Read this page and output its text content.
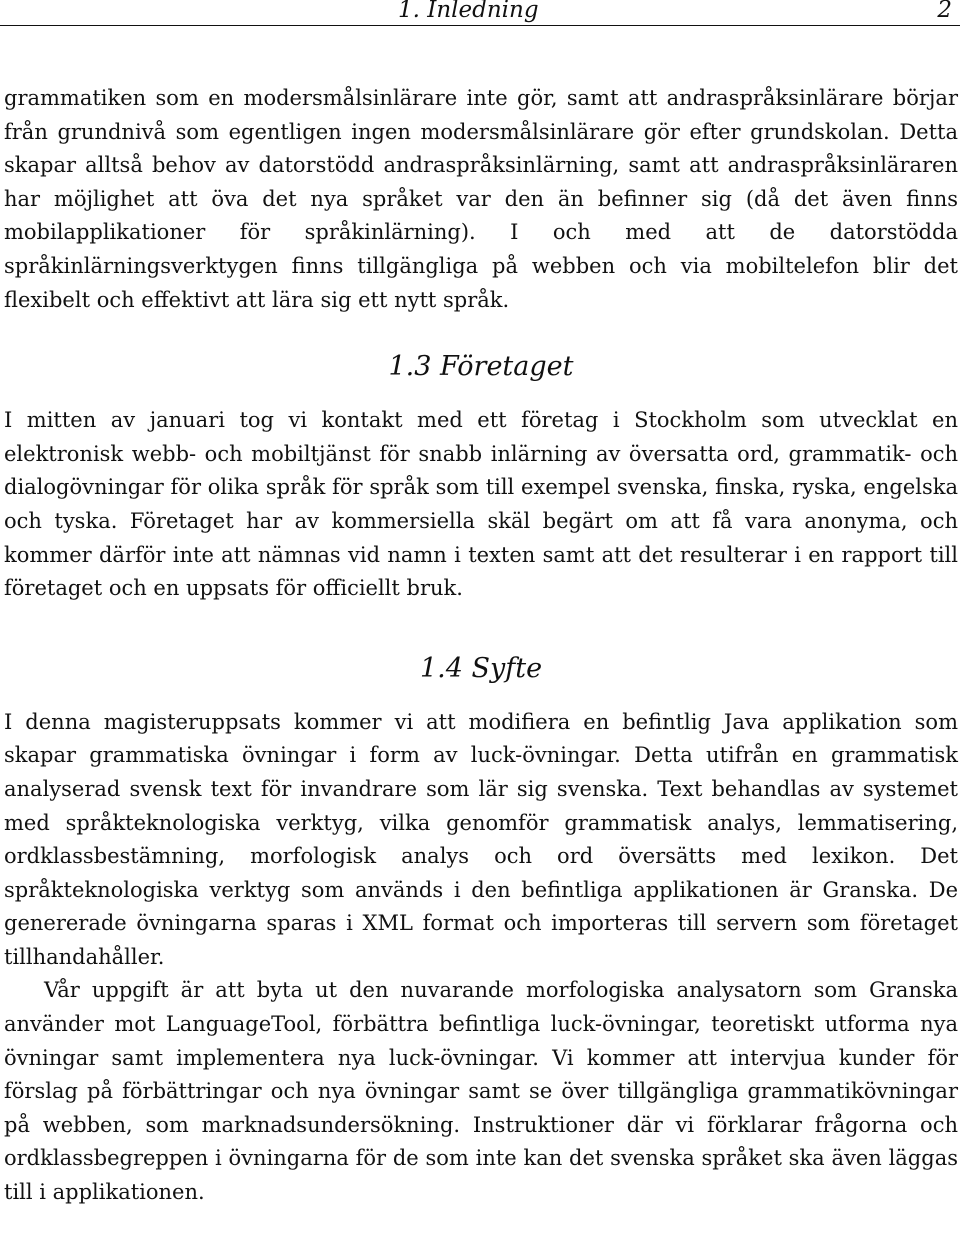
1. Inledning	2

grammatiken som en modersmålsinlärare inte gör, samt att andraspråksinlärare börjar från grundnivå som egentligen ingen modersmålsinlärare gör efter grundskolan. Detta skapar alltså behov av datorstödd andraspråksinlärning, samt att andraspråksinläraren har möjlighet att öva det nya språket var den än befinner sig (då det även finns mobilapplikationer för språkinlärning). I och med att de datorstödda språkinlärningsverktygen finns tillgängliga på webben och via mobiltelefon blir det flexibelt och effektivt att lära sig ett nytt språk.

1.3 Företaget

I mitten av januari tog vi kontakt med ett företag i Stockholm som utvecklat en elektronisk webb- och mobiltjänst för snabb inlärning av översatta ord, grammatik- och dialogövningar för olika språk för språk som till exempel svenska, finska, ryska, engelska och tyska. Företaget har av kommersiella skäl begärt om att få vara anonyma, och kommer därför inte att nämnas vid namn i texten samt att det resulterar i en rapport till företaget och en uppsats för officiellt bruk.

1.4 Syfte

I denna magisteruppsats kommer vi att modifiera en befintlig Java applikation som skapar grammatiska övningar i form av luck-övningar. Detta utifrån en grammatisk analyserad svensk text för invandrare som lär sig svenska. Text behandlas av systemet med språkteknologiska verktyg, vilka genomför grammatisk analys, lemmatisering, ordklassbestämning, morfologisk analys och ord översätts med lexikon. Det språkteknologiska verktyg som används i den befintliga applikationen är Granska. De genererade övningarna sparas i XML format och importeras till servern som företaget tillhandahåller.

Vår uppgift är att byta ut den nuvarande morfologiska analysatorn som Granska använder mot LanguageTool, förbättra befintliga luck-övningar, teoretiskt utforma nya övningar samt implementera nya luck-övningar. Vi kommer att intervjua kunder för förslag på förbättringar och nya övningar samt se över tillgängliga grammatikövningar på webben, som marknadsundersökning. Instruktioner där vi förklarar frågorna och ordklassbegreppen i övningarna för de som inte kan det svenska språket ska även läggas till i applikationen.
